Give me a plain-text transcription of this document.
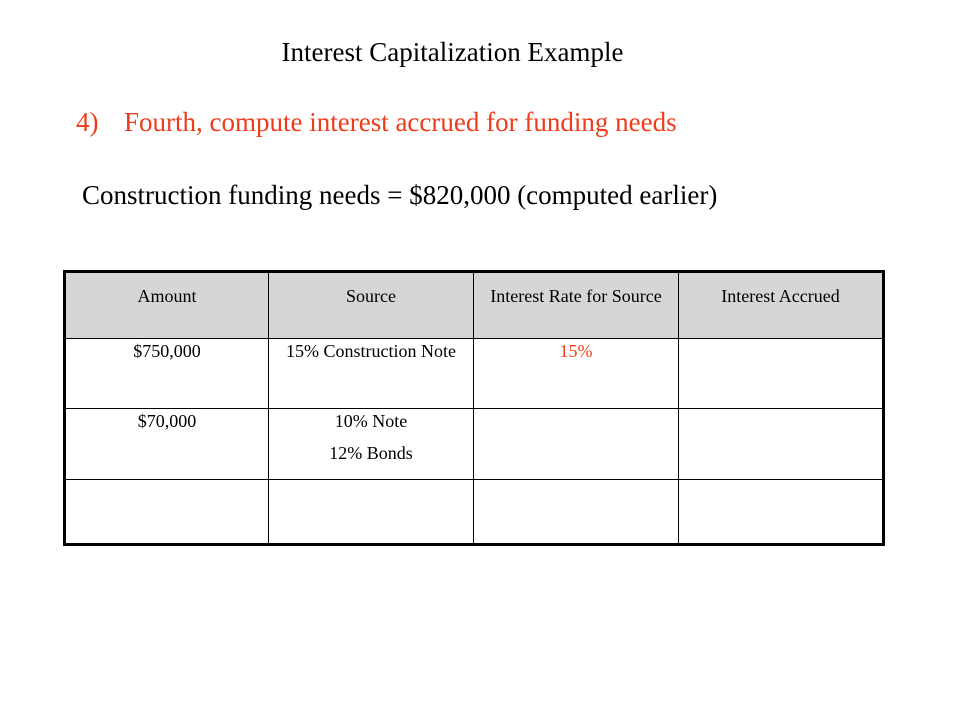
Interest Capitalization Example
4) Fourth, compute interest accrued for funding needs
Construction funding needs = $820,000 (computed earlier)
Amount	Source	Interest Rate for Source	Interest Accrued
$750,000	15% Construction Note	15%	
$70,000	10% Note
12% Bonds		
